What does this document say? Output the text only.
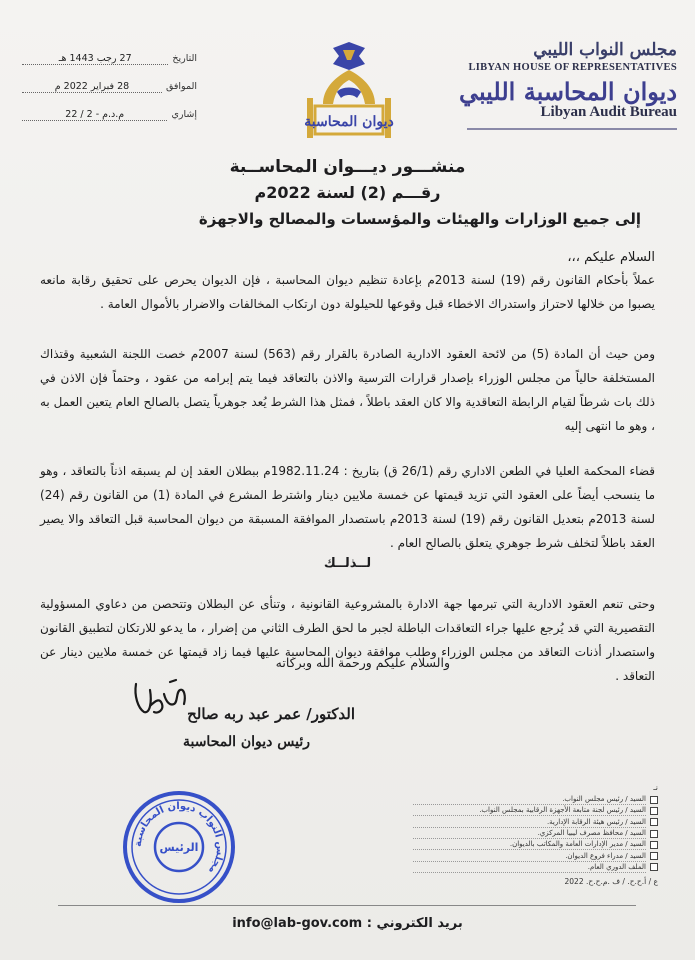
مجلس النواب الليبي
LIBYAN HOUSE OF REPRESENTATIVES
ديوان المحاسبة الليبي
Libyan Audit Bureau
ديوان المحاسبة
التاريخ
27 رجب 1443 هـ
الموافق
28 فبراير 2022 م
إشاري
م.د.م - 2 / 22
منشـــور ديـــوان المحاســبة
رقـــم (2) لسنة 2022م
إلى جميع الوزارات والهيئات والمؤسسات والمصالح والاجهزة
السلام عليكم ،،،
عملاً بأحكام القانون رقم (19) لسنة 2013م بإعادة تنظيم ديوان المحاسبة ، فإن الديوان يحرص على تحقيق رقابة مانعه يصبوا من خلالها لاحتراز واستدراك الاخطاء قبل وقوعها للحيلولة دون ارتكاب المخالفات والاضرار بالأموال العامة .
ومن حيث أن المادة (5) من لائحة العقود الادارية الصادرة بالقرار رقم (563) لسنة 2007م خصت اللجنة الشعبية وقتذاك المستخلفة حالياً من مجلس الوزراء بإصدار قرارات الترسية والاذن بالتعاقد فيما يتم إبرامه من عقود ، وحتماً فإن الاذن في ذلك بات شرطاً لقيام الرابطة التعاقدية والا كان العقد باطلاً ، فمثل هذا الشرط يُعد جوهرياً يتصل بالصالح العام يتعين العمل به ، وهو ما انتهى إليه
قضاء المحكمة العليا في الطعن الاداري رقم (26/1 ق) بتاريخ : 1982.11.24م ببطلان العقد إن لم يسبقه اذناً بالتعاقد ، وهو ما ينسحب أيضاً على العقود التي تزيد قيمتها عن خمسة ملايين دينار واشترط المشرع في المادة (1) من القانون رقم (24) لسنة 2013م بتعديل القانون رقم (19) لسنة 2013م باستصدار الموافقة المسبقة من ديوان المحاسبة قبل التعاقد والا يصير العقد باطلاً لتخلف شرط جوهري يتعلق بالصالح العام .
لــذلــك
وحتى تنعم العقود الادارية التي تبرمها جهة الادارة بالمشروعية القانونية ، وتنأى عن البطلان وتتحصن من دعاوي المسؤولية التقصيرية التي قد يُرجع عليها جراء التعاقدات الباطلة لجبر ما لحق الطرف الثاني من إضرار ، ما يدعو للارتكان لتطبيق القانون واستصدار أذنات التعاقد من مجلس الوزراء وطلب موافقة ديوان المحاسبة عليها فيما زاد قيمتها عن خمسة ملايين دينار عن التعاقد .
والسلام عليكم ورحمة الله وبركاته
الدكتور/ عمر عبد ربه صالح
رئيس ديوان المحاسبة
مجلس النواب ديوان المحاسبة
الرئيس
نـ
السيد / رئيس مجلس النواب.
السيد / رئيس لجنة متابعة الأجهزة الرقابية بمجلس النواب.
السيد / رئيس هيئة الرقابة الإدارية.
السيد / محافظ مصرف ليبيا المركزي.
السيد / مدير الإدارات العامة والمكاتب بالديوان.
السيد / مدراء فروع الديوان.
الملف الدوري العام.
ع / أ.ح.ح. / ف .م.ح.ح. 2022
info@lab-gov.com بريد الكتروني :
